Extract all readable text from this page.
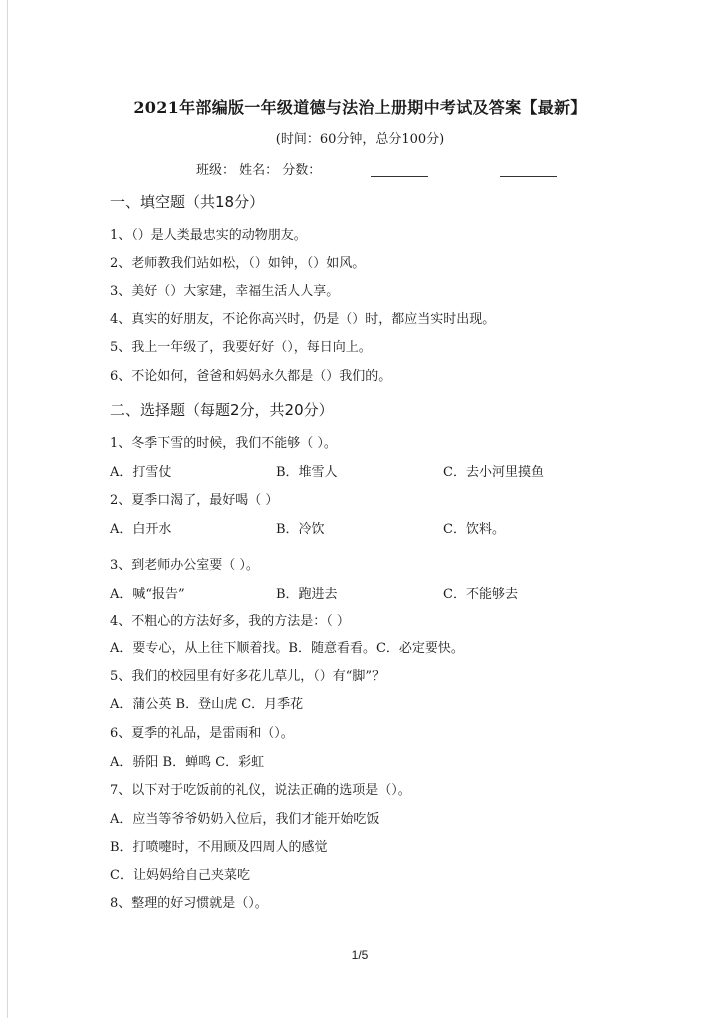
2021年部编版一年级道德与法治上册期中考试及答案【最新】
(时间：60分钟，总分100分)
班级： 姓名： 分数：
一、填空题（共18分）
1、（）是人类最忠实的动物朋友。
2、老师教我们站如松，（）如钟，（）如风。
3、美好（）大家建，幸福生活人人享。
4、真实的好朋友，不论你高兴时，仍是（）时，都应当实时出现。
5、我上一年级了，我要好好（），每日向上。
6、不论如何，爸爸和妈妈永久都是（）我们的。
二、选择题（每题2分，共20分）
1、冬季下雪的时候，我们不能够（ ）。
A．打雪仗	B．堆雪人	C．去小河里摸鱼
2、夏季口渴了，最好喝（ ）
A．白开水	B．冷饮	C．饮料。
3、到老师办公室要（ ）。
A．喊“报告”	B．跑进去	C．不能够去
4、不粗心的方法好多，我的方法是：（ ）
A．要专心，从上往下顺着找。B．随意看看。C．必定要快。
5、我们的校园里有好多花儿草儿，（）有“脚”？
A．蒲公英 B．登山虎 C．月季花
6、夏季的礼品，是雷雨和（）。
A．骄阳 B．蝉鸣 C．彩虹
7、以下对于吃饭前的礼仪，说法正确的选项是（）。
A．应当等爷爷奶奶入位后，我们才能开始吃饭
B．打喷嚏时，不用顾及四周人的感觉
C．让妈妈给自己夹菜吃
8、整理的好习惯就是（）。
1/5
